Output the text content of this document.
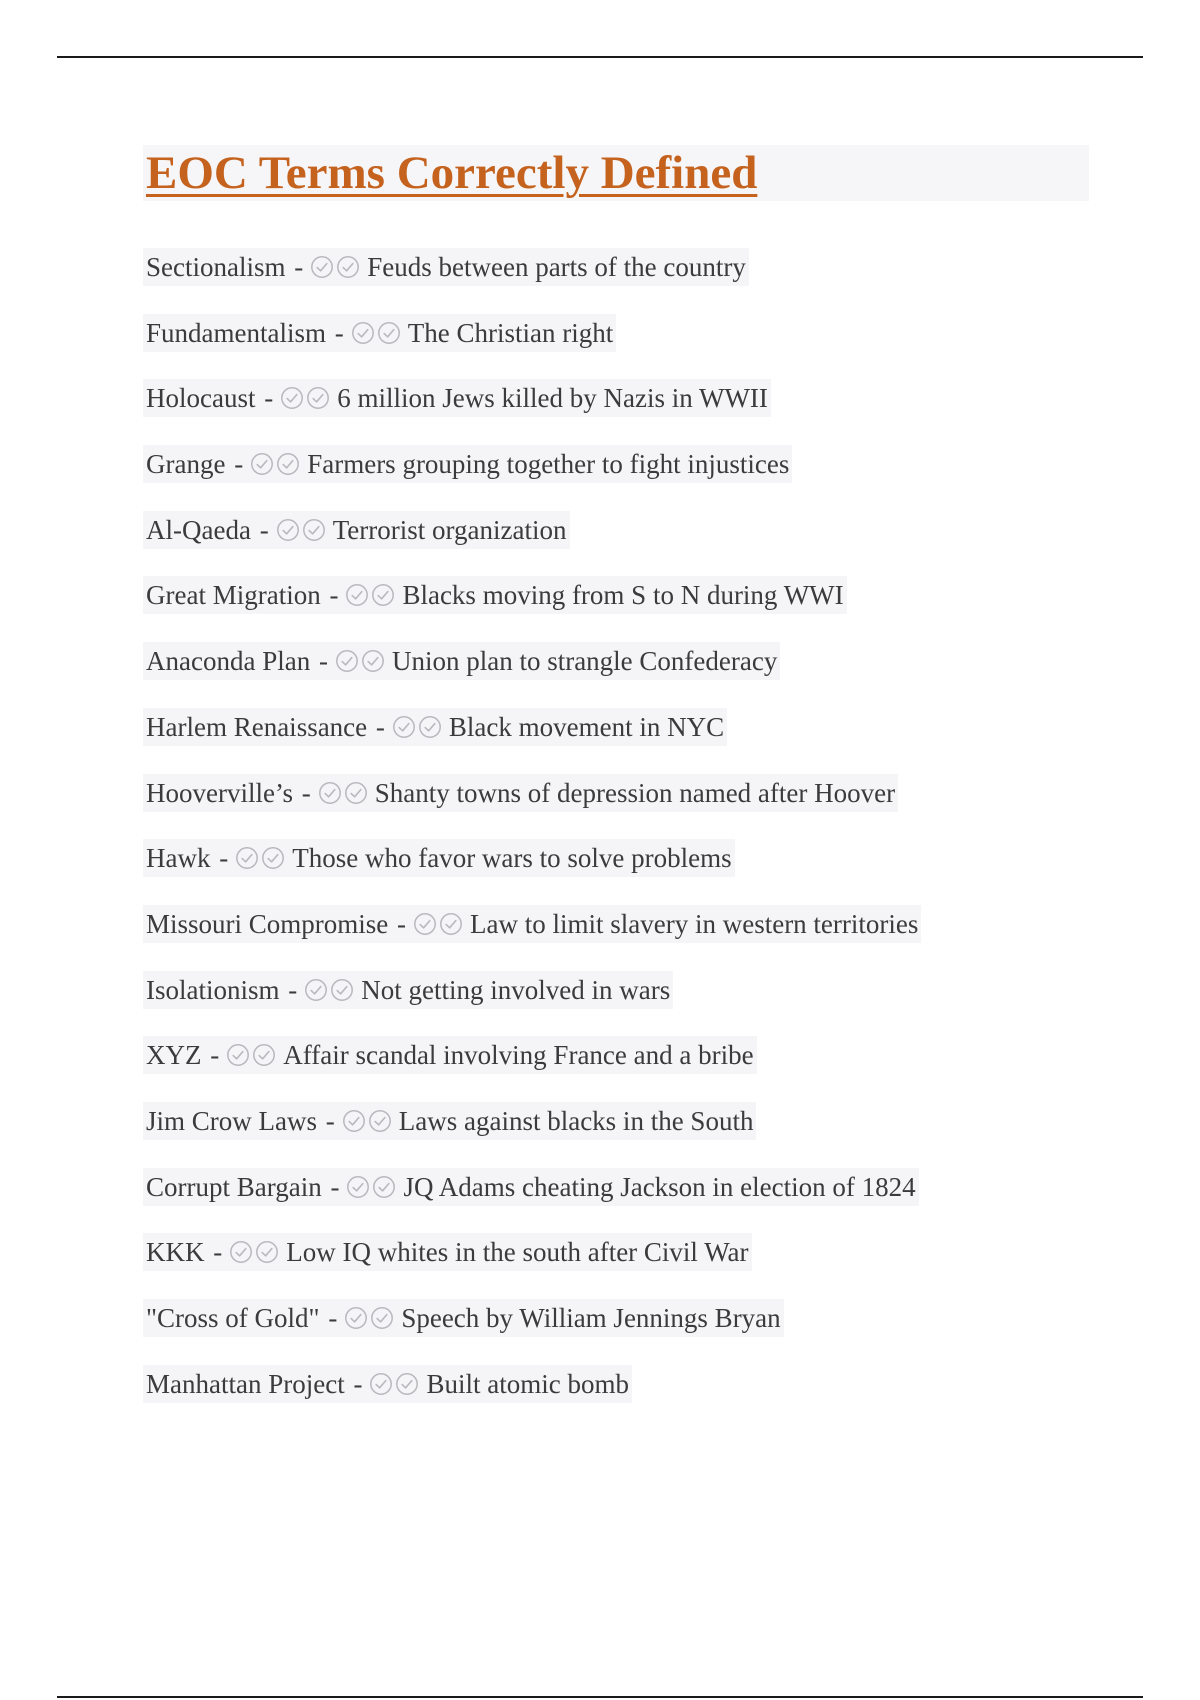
EOC Terms Correctly Defined
Sectionalism - Feuds between parts of the country
Fundamentalism - The Christian right
Holocaust - 6 million Jews killed by Nazis in WWII
Grange - Farmers grouping together to fight injustices
Al-Qaeda - Terrorist organization
Great Migration - Blacks moving from S to N during WWI
Anaconda Plan - Union plan to strangle Confederacy
Harlem Renaissance - Black movement in NYC
Hooverville’s - Shanty towns of depression named after Hoover
Hawk - Those who favor wars to solve problems
Missouri Compromise - Law to limit slavery in western territories
Isolationism - Not getting involved in wars
XYZ - Affair scandal involving France and a bribe
Jim Crow Laws - Laws against blacks in the South
Corrupt Bargain - JQ Adams cheating Jackson in election of 1824
KKK - Low IQ whites in the south after Civil War
"Cross of Gold" - Speech by William Jennings Bryan
Manhattan Project - Built atomic bomb
